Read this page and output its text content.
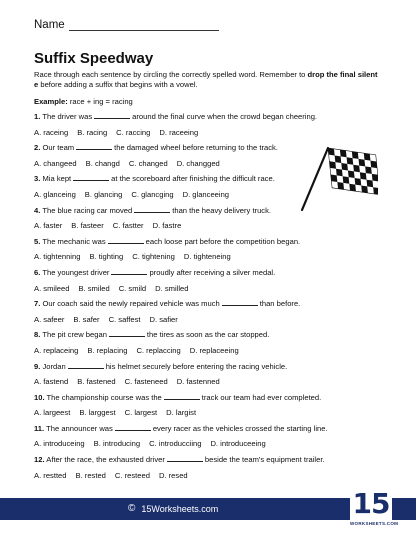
Name
Suffix Speedway
Race through each sentence by circling the correctly spelled word. Remember to drop the final silent e before adding a suffix that begins with a vowel.
Example: race + ing = racing
1. The driver was	around the final curve when the crowd began cheering.
A. raceing B. racing C. raccing D. raceeing
2. Our team	the damaged wheel before returning to the track.
A. changeed B. changd C. changed D. changged
3. Mia kept	at the scoreboard after finishing the difficult race.
A. glanceing B. glancing C. glancging D. glanceeing
4. The blue racing car moved	than the heavy delivery truck.
A. faster B. fasteer C. fastter D. fastre
5. The mechanic was	each loose part before the competition began.
A. tightenning B. tighting C. tightening D. tighteneing
6. The youngest driver	proudly after receiving a silver medal.
A. smileed B. smiled C. smild D. smilled
7. Our coach said the newly repaired vehicle was much	than before.
A. safeer B. safer C. saffest D. safier
8. The pit crew began	the tires as soon as the car stopped.
A. replaceing B. replacing C. replaccing D. replaceeing
9. Jordan	his helmet securely before entering the racing vehicle.
A. fastend B. fastened C. fasteneed D. fastenned
10. The championship course was the	track our team had ever completed.
A. largeest B. larggest C. largest D. largist
11. The announcer was	every racer as the vehicles crossed the starting line.
A. introduceing B. introducing C. introducciing D. introduceeing
12. After the race, the exhausted driver	beside the team's equipment trailer.
A. restted B. rested C. resteed D. resed
© 15Worksheets.com	15
WORKSHEETS.COM
